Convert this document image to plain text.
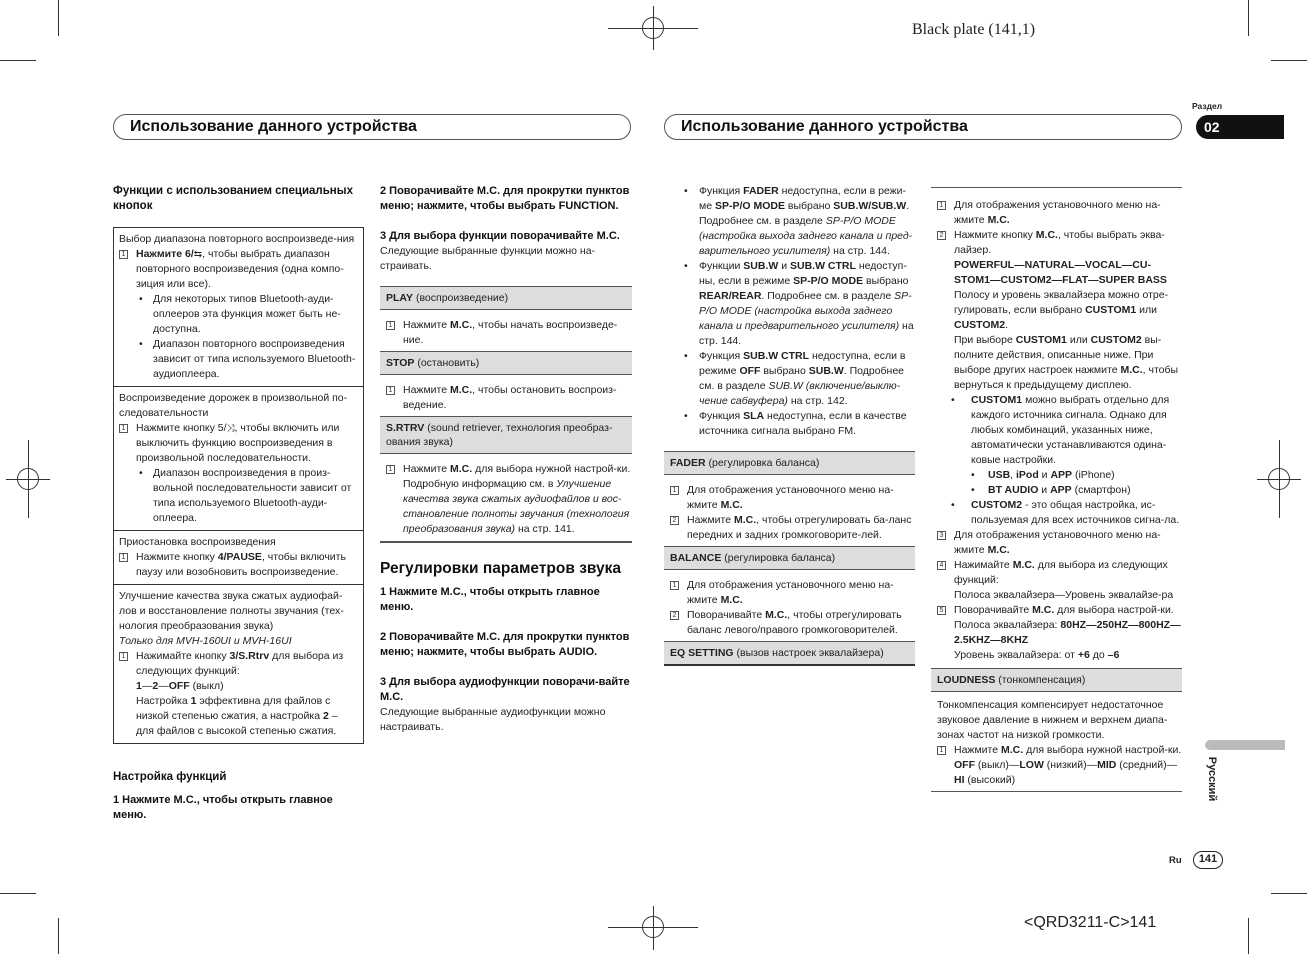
Black plate (141,1)
<QRD3211-C>141
Раздел
02
Использование данного устройства	Использование данного устройства
Русский
Ru	141
Функции с использованием специальных кнопок
Выбор диапазона повторного воспроизведе-ния
1 Нажмите 6/⇆, чтобы выбрать диапазон повторного воспроизведения (одна компо-зиция или все).
• Для некоторых типов Bluetooth-ауди-оплееров эта функция может быть не-доступна.
• Диапазон повторного воспроизведения зависит от типа используемого Bluetooth-аудиоплеера.
Воспроизведение дорожек в произвольной по-следовательности
1 Нажмите кнопку 5/⤨, чтобы включить или выключить функцию воспроизведения в произвольной последовательности.
• Диапазон воспроизведения в произ-вольной последовательности зависит от типа используемого Bluetooth-ауди-оплеера.
Приостановка воспроизведения
1 Нажмите кнопку 4/PAUSE, чтобы включить паузу или возобновить воспроизведение.
Улучшение качества звука сжатых аудиофай-лов и восстановление полноты звучания (тех-нология преобразования звука)
Только для MVH-160UI и MVH-16UI
1 Нажимайте кнопку 3/S.Rtrv для выбора из следующих функций:
1—2—OFF (выкл)
Настройка 1 эффективна для файлов с низкой степенью сжатия, а настройка 2 – для файлов с высокой степенью сжатия.
Настройка функций
1 Нажмите M.C., чтобы открыть главное меню.
2 Поворачивайте M.C. для прокрутки пунктов меню; нажмите, чтобы выбрать FUNCTION.
3 Для выбора функции поворачивайте M.C.
Следующие выбранные функции можно на-страивать.
PLAY (воспроизведение)
1 Нажмите M.C., чтобы начать воспроизведе-ние.
STOP (остановить)
1 Нажмите M.C., чтобы остановить воспроиз-ведение.
S.RTRV (sound retriever, технология преобраз-ования звука)
1 Нажмите M.C. для выбора нужной настрой-ки.
Подробную информацию см. в Улучшение качества звука сжатых аудиофайлов и вос-становление полноты звучания (технология преобразования звука) на стр. 141.
Регулировки параметров звука
1 Нажмите M.C., чтобы открыть главное меню.
2 Поворачивайте M.C. для прокрутки пунктов меню; нажмите, чтобы выбрать AUDIO.
3 Для выбора аудиофункции поворачи-вайте M.C.
Следующие выбранные аудиофункции можно настраивать.
• Функция FADER недоступна, если в режи-ме SP-P/O MODE выбрано SUB.W/SUB.W. Подробнее см. в разделе SP-P/O MODE (настройка выхода заднего канала и пред-варительного усилителя) на стр. 144.
• Функции SUB.W и SUB.W CTRL недоступ-ны, если в режиме SP-P/O MODE выбрано REAR/REAR. Подробнее см. в разделе SP-P/O MODE (настройка выхода заднего канала и предварительного усилителя) на стр. 144.
• Функция SUB.W CTRL недоступна, если в режиме OFF выбрано SUB.W. Подробнее см. в разделе SUB.W (включение/выклю-чение сабвуфера) на стр. 142.
• Функция SLA недоступна, если в качестве источника сигнала выбрано FM.
FADER (регулировка баланса)
1 Для отображения установочного меню на-жмите M.C.
2 Нажмите M.C., чтобы отрегулировать ба-ланс передних и задних громкоговорите-лей.
BALANCE (регулировка баланса)
1 Для отображения установочного меню на-жмите M.C.
2 Поворачивайте M.C., чтобы отрегулировать баланс левого/правого громкоговорителей.
EQ SETTING (вызов настроек эквалайзера)
1 Для отображения установочного меню на-жмите M.C.
2 Нажмите кнопку M.C., чтобы выбрать эква-лайзер.
POWERFUL—NATURAL—VOCAL—CU-STOM1—CUSTOM2—FLAT—SUPER BASS
Полосу и уровень эквалайзера можно отре-гулировать, если выбрано CUSTOM1 или CUSTOM2.
При выборе CUSTOM1 или CUSTOM2 вы-полните действия, описанные ниже. При выборе других настроек нажмите M.C., чтобы вернуться к предыдущему дисплею.
• CUSTOM1 можно выбрать отдельно для каждого источника сигнала. Однако для любых комбинаций, указанных ниже, автоматически устанавливаются одина-ковые настройки.
• USB, iPod и APP (iPhone)
• BT AUDIO и APP (смартфон)
• CUSTOM2 - это общая настройка, ис-пользуемая для всех источников сигна-ла.
3 Для отображения установочного меню на-жмите M.C.
4 Нажимайте M.C. для выбора из следующих функций:
Полоса эквалайзера—Уровень эквалайзе-ра
5 Поворачивайте M.C. для выбора настрой-ки.
Полоса эквалайзера: 80HZ—250HZ—800HZ—2.5KHZ—8KHZ
Уровень эквалайзера: от +6 до –6
LOUDNESS (тонкомпенсация)
Тонкомпенсация компенсирует недостаточное звуковое давление в нижнем и верхнем диапа-зонах частот на низкой громкости.
1 Нажмите M.C. для выбора нужной настрой-ки.
OFF (выкл)—LOW (низкий)—MID (средний)—HI (высокий)
